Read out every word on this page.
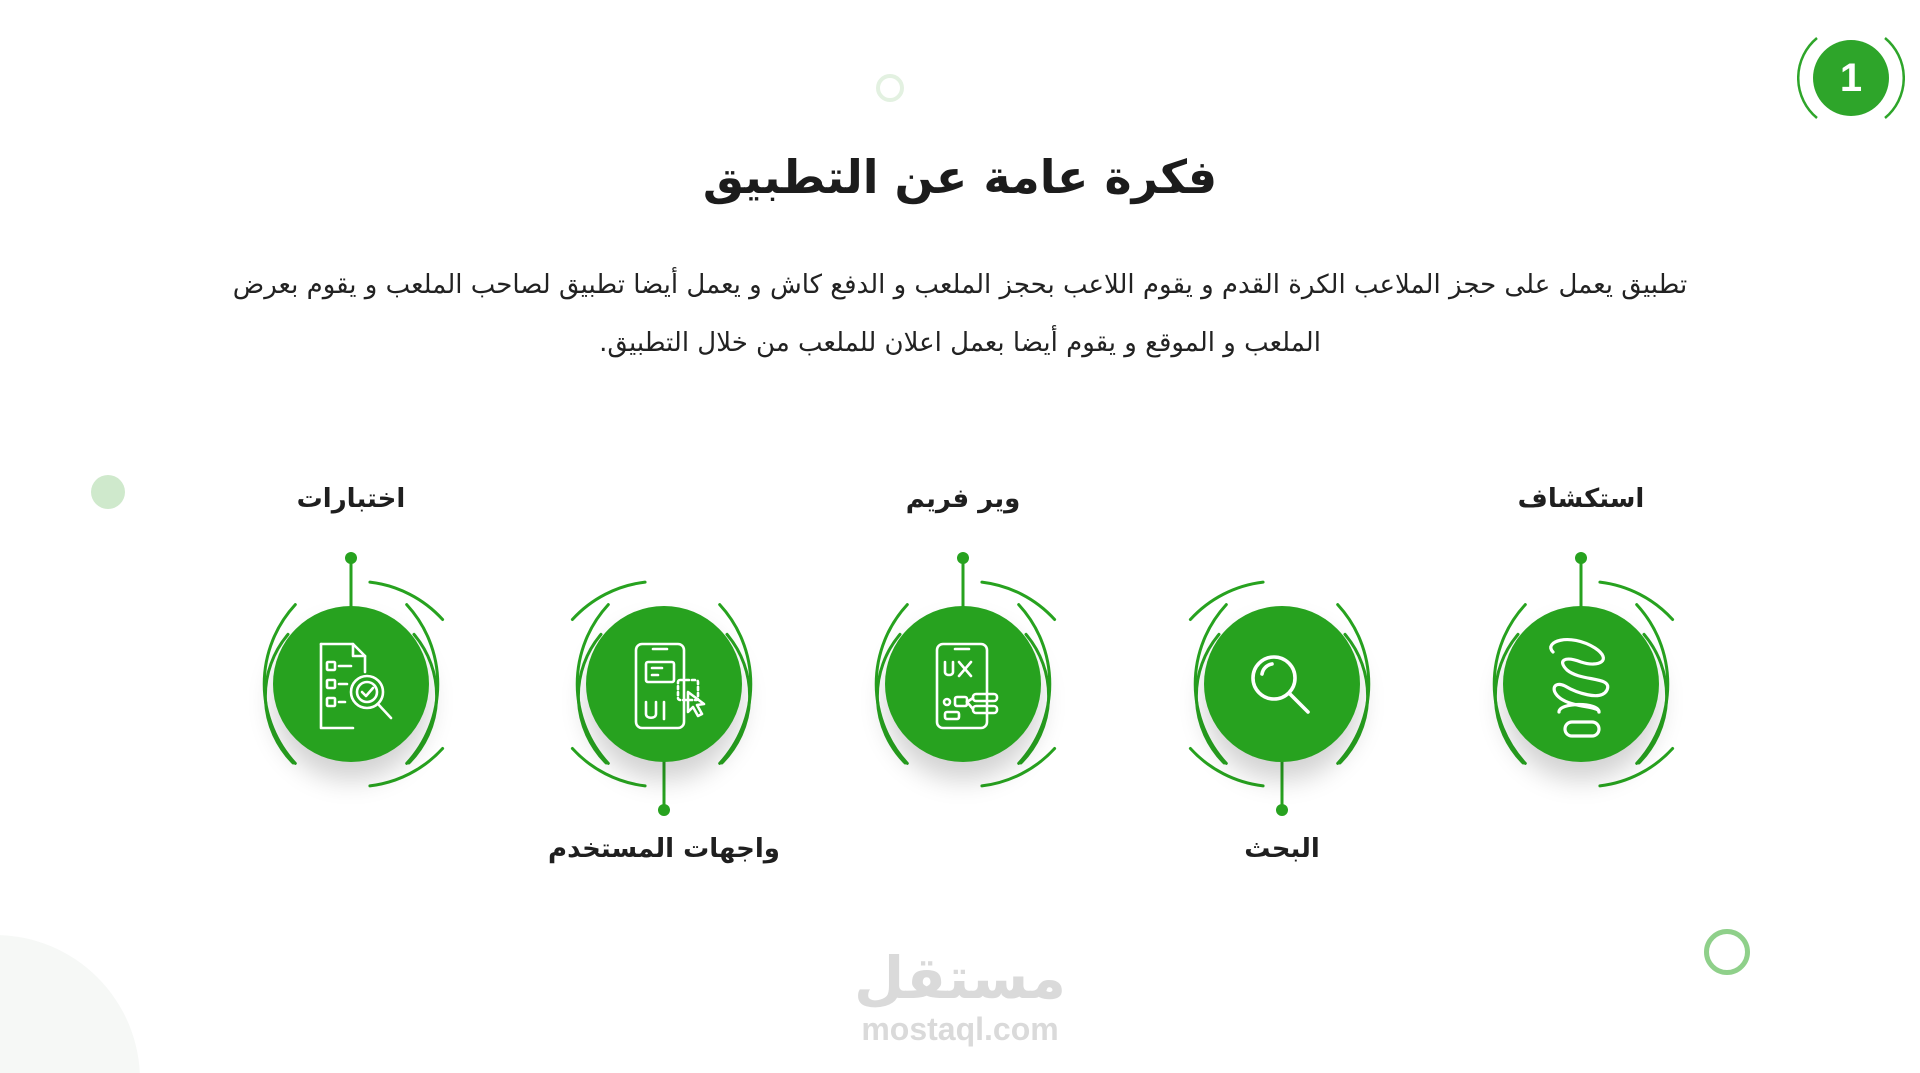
1
فكرة عامة عن التطبيق

تطبيق يعمل على حجز الملاعب الكرة القدم و يقوم اللاعب بحجز الملعب و الدفع كاش و يعمل أيضا تطبيق لصاحب الملعب و يقوم بعرض الملعب و الموقع و يقوم أيضا بعمل اعلان للملعب من خلال التطبيق.

استكشاف
البحث
وير فريم
واجهات المستخدم
اختبارات
مستقل
mostaql.com
